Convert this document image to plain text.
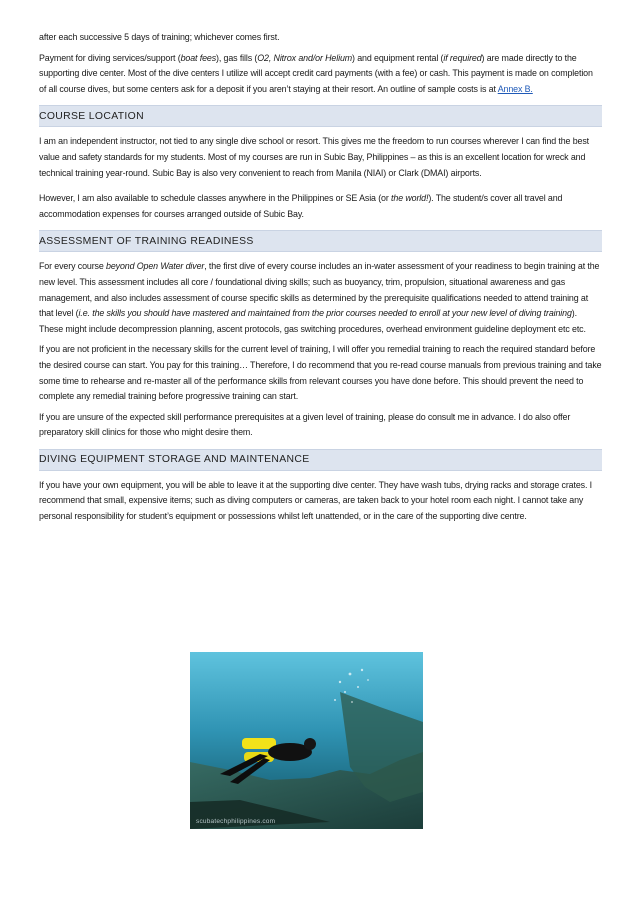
after each successive 5 days of training; whichever comes first.

Payment for diving services/support (boat fees), gas fills (O2, Nitrox and/or Helium) and equipment rental (if required) are made directly to the supporting dive center. Most of the dive centers I utilize will accept credit card payments (with a fee) or cash. This payment is made on completion of all course dives, but some centers ask for a deposit if you aren’t staying at their resort. An outline of sample costs is at Annex B.

COURSE LOCATION

I am an independent instructor, not tied to any single dive school or resort. This gives me the freedom to run courses wherever I can find the best value and safety standards for my students. Most of my courses are run in Subic Bay, Philippines – as this is an excellent location for wreck and technical training year-round. Subic Bay is also very convenient to reach from Manila (NIAI) or Clark (DMAI) airports.

However, I am also available to schedule classes anywhere in the Philippines or SE Asia (or the world!). The student/s cover all travel and accommodation expenses for courses arranged outside of Subic Bay.

ASSESSMENT OF TRAINING READINESS

For every course beyond Open Water diver, the first dive of every course includes an in-water assessment of your readiness to begin training at the new level. This assessment includes all core / foundational diving skills; such as buoyancy, trim, propulsion, situational awareness and gas management, and also includes assessment of course specific skills as determined by the prerequisite qualifications needed to attend training at that level (i.e. the skills you should have mastered and maintained from the prior courses needed to enroll at your new level of diving training). These might include decompression planning, ascent protocols, gas switching procedures, overhead environment guideline deployment etc etc.

If you are not proficient in the necessary skills for the current level of training, I will offer you remedial training to reach the required standard before the desired course can start. You pay for this training… Therefore, I do recommend that you re-read course manuals from previous training and take some time to rehearse and re-master all of the performance skills from relevant courses you have done before. This should prevent the need to complete any remedial training before progressive training can start.

If you are unsure of the expected skill performance prerequisites at a given level of training, please do consult me in advance. I do also offer preparatory skill clinics for those who might desire them.

DIVING EQUIPMENT STORAGE AND MAINTENANCE

If you have your own equipment, you will be able to leave it at the supporting dive center. They have wash tubs, drying racks and storage crates. I recommend that small, expensive items; such as diving computers or cameras, are taken back to your hotel room each night. I cannot take any personal responsibility for student’s equipment or possessions whilst left unattended, or in the care of the supporting dive centre.

scubatechphilippines.com
